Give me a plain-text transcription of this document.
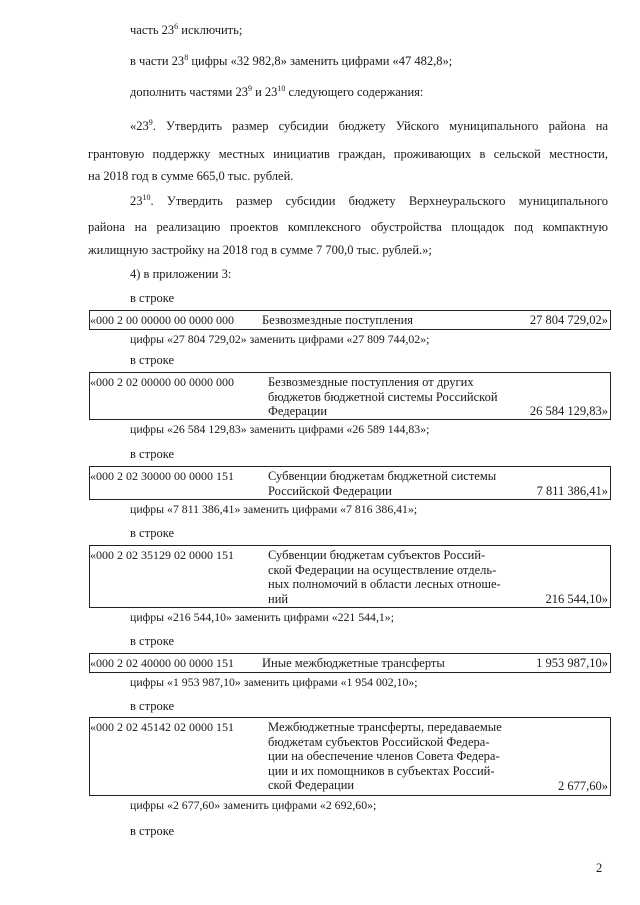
часть $23^6$ исключить;
в части $23^8$ цифры «32 982,8» заменить цифрами «47 482,8»;
дополнить частями $23^9$ и $23^{10}$ следующего содержания:
«$23^9$. Утвердить размер субсидии бюджету Уйского муниципального района на
грантовую поддержку местных инициатив граждан, проживающих в сельской местности,
на 2018 год в сумме 665,0 тыс. рублей.
$23^{10}$. Утвердить размер субсидии бюджету Верхнеуральского муниципального
района на реализацию проектов комплексного обустройства площадок под компактную
жилищную застройку на 2018 год в сумме 7 700,0 тыс. рублей.»;
4) в приложении 3:
в строке
«000 2 00 00000 00 0000 000 Безвозмездные поступления	27 804 729,02»
цифры «27 804 729,02» заменить цифрами «27 809 744,02»;
в строке
«000 2 02 00000 00 0000 000	Безвозмездные поступления от других
бюджетов бюджетной системы Российской
Федерации	26 584 129,83»
цифры «26 584 129,83» заменить цифрами «26 589 144,83»;
в строке
«000 2 02 30000 00 0000 151	Субвенции бюджетам бюджетной системы
Российской Федерации	7 811 386,41»
цифры «7 811 386,41» заменить цифрами «7 816 386,41»;
в строке
«000 2 02 35129 02 0000 151	Субвенции бюджетам субъектов Россий-
ской Федерации на осуществление отдель-
ных полномочий в области лесных отноше-
ний	216 544,10»
цифры «216 544,10» заменить цифрами «221 544,1»;
в строке
«000 2 02 40000 00 0000 151 Иные межбюджетные трансферты	1 953 987,10»
цифры «1 953 987,10» заменить цифрами «1 954 002,10»;
в строке
«000 2 02 45142 02 0000 151	Межбюджетные трансферты, передаваемые
бюджетам субъектов Российской Федера-
ции на обеспечение членов Совета Федера-
ции и их помощников в субъектах Россий-
ской Федерации	2 677,60»
цифры «2 677,60» заменить цифрами «2 692,60»;
в строке
2
